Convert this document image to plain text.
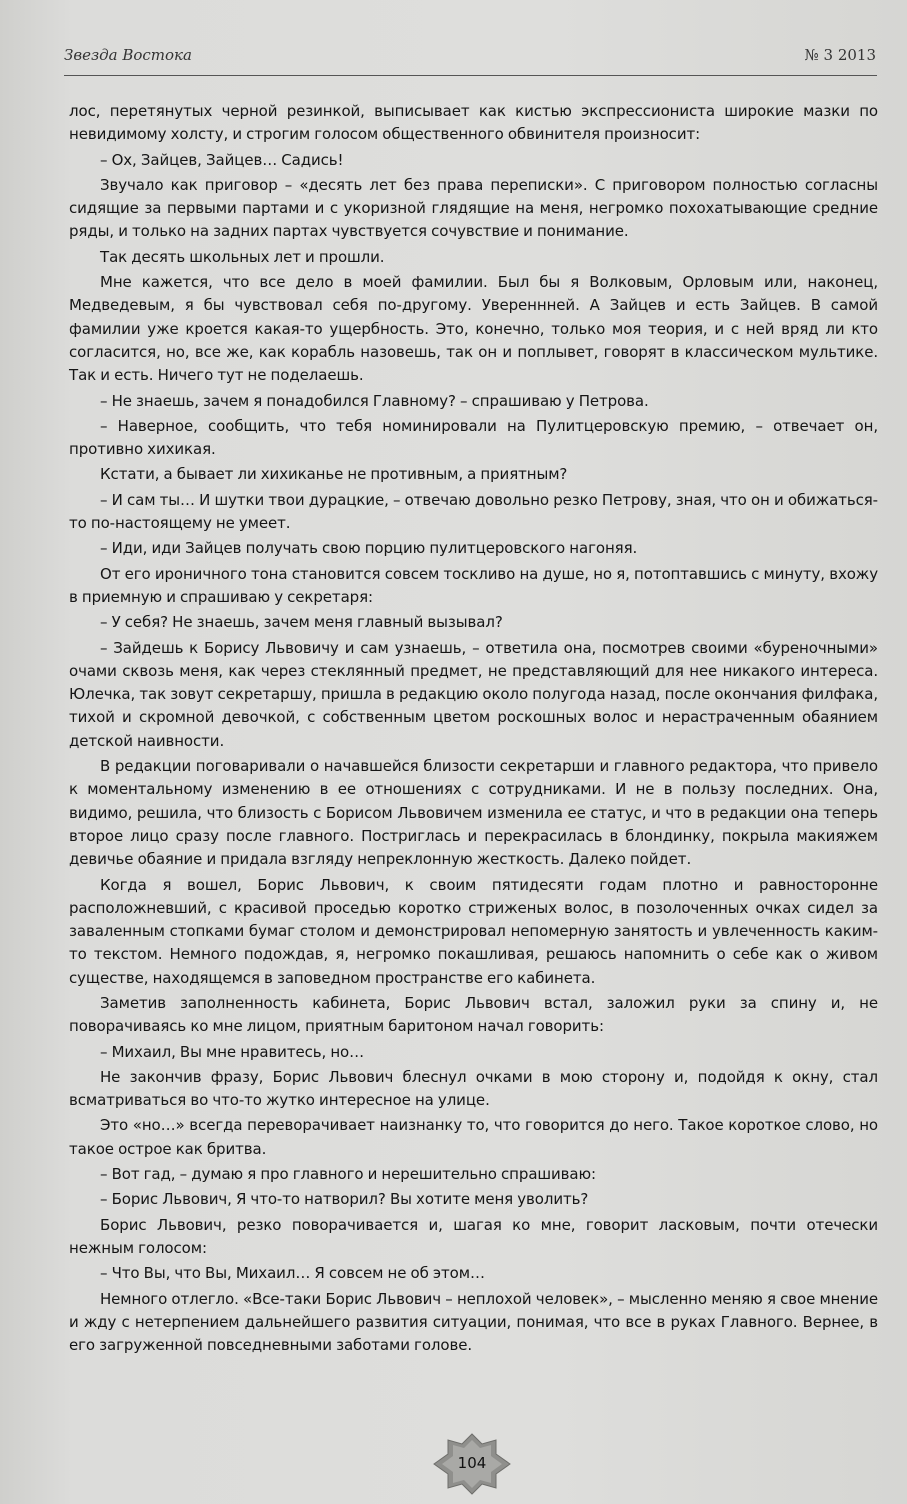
Звезда Востока	№ 3 2013

лос, перетянутых черной резинкой, выписывает как кистью экспрессиониста широкие мазки по невидимому холсту, и строгим голосом общественного обвинителя произносит:

– Ох, Зайцев, Зайцев… Садись!

Звучало как приговор – «десять лет без права переписки». С приговором полностью согласны сидящие за первыми партами и с укоризной глядящие на меня, негромко похохатывающие средние ряды, и только на задних партах чувствуется сочувствие и понимание.

Так десять школьных лет и прошли.

Мне кажется, что все дело в моей фамилии. Был бы я Волковым, Орловым или, наконец, Медведевым, я бы чувствовал себя по-другому. Увереннней. А Зайцев и есть Зайцев. В самой фамилии уже кроется какая-то ущербность. Это, конечно, только моя теория, и с ней вряд ли кто согласится, но, все же, как корабль назовешь, так он и поплывет, говорят в классическом мультике. Так и есть. Ничего тут не поделаешь.

– Не знаешь, зачем я понадобился Главному? – спрашиваю у Петрова.

– Наверное, сообщить, что тебя номинировали на Пулитцеровскую премию, – отвечает он, противно хихикая.

Кстати, а бывает ли хихиканье не противным, а приятным?

– И сам ты… И шутки твои дурацкие, – отвечаю довольно резко Петрову, зная, что он и обижаться-то по-настоящему не умеет.

– Иди, иди Зайцев получать свою порцию пулитцеровского нагоняя.

От его ироничного тона становится совсем тоскливо на душе, но я, потоптавшись с минуту, вхожу в приемную и спрашиваю у секретаря:

– У себя? Не знаешь, зачем меня главный вызывал?

– Зайдешь к Борису Львовичу и сам узнаешь, – ответила она, посмотрев своими «буреночными» очами сквозь меня, как через стеклянный предмет, не представляющий для нее никакого интереса. Юлечка, так зовут секретаршу, пришла в редакцию около полугода назад, после окончания филфака, тихой и скромной девочкой, с собственным цветом роскошных волос и нерастраченным обаянием детской наивности.

В редакции поговаривали о начавшейся близости секретарши и главного редактора, что привело к моментальному изменению в ее отношениях с сотрудниками. И не в пользу последних. Она, видимо, решила, что близость с Борисом Львовичем изменила ее статус, и что в редакции она теперь второе лицо сразу после главного. Постриглась и перекрасилась в блондинку, покрыла макияжем девичье обаяние и придала взгляду непреклонную жесткость. Далеко пойдет.

Когда я вошел, Борис Львович, к своим пятидесяти годам плотно и равносторонне расположневший, с красивой проседью коротко стриженых волос, в позолоченных очках сидел за заваленным стопками бумаг столом и демонстрировал непомерную занятость и увлеченность каким-то текстом. Немного подождав, я, негромко покашливая, решаюсь напомнить о себе как о живом существе, находящемся в заповедном пространстве его кабинета.

Заметив заполненность кабинета, Борис Львович встал, заложил руки за спину и, не поворачиваясь ко мне лицом, приятным баритоном начал говорить:

– Михаил, Вы мне нравитесь, но…

Не закончив фразу, Борис Львович блеснул очками в мою сторону и, подойдя к окну, стал всматриваться во что-то жутко интересное на улице.

Это «но…» всегда переворачивает наизнанку то, что говорится до него. Такое короткое слово, но такое острое как бритва.

– Вот гад, – думаю я про главного и нерешительно спрашиваю:

– Борис Львович, Я что-то натворил? Вы хотите меня уволить?

Борис Львович, резко поворачивается и, шагая ко мне, говорит ласковым, почти отечески нежным голосом:

– Что Вы, что Вы, Михаил… Я совсем не об этом…

Немного отлегло. «Все-таки Борис Львович – неплохой человек», – мысленно меняю я свое мнение и жду с нетерпением дальнейшего развития ситуации, понимая, что все в руках Главного. Вернее, в его загруженной повседневными заботами голове.

104
